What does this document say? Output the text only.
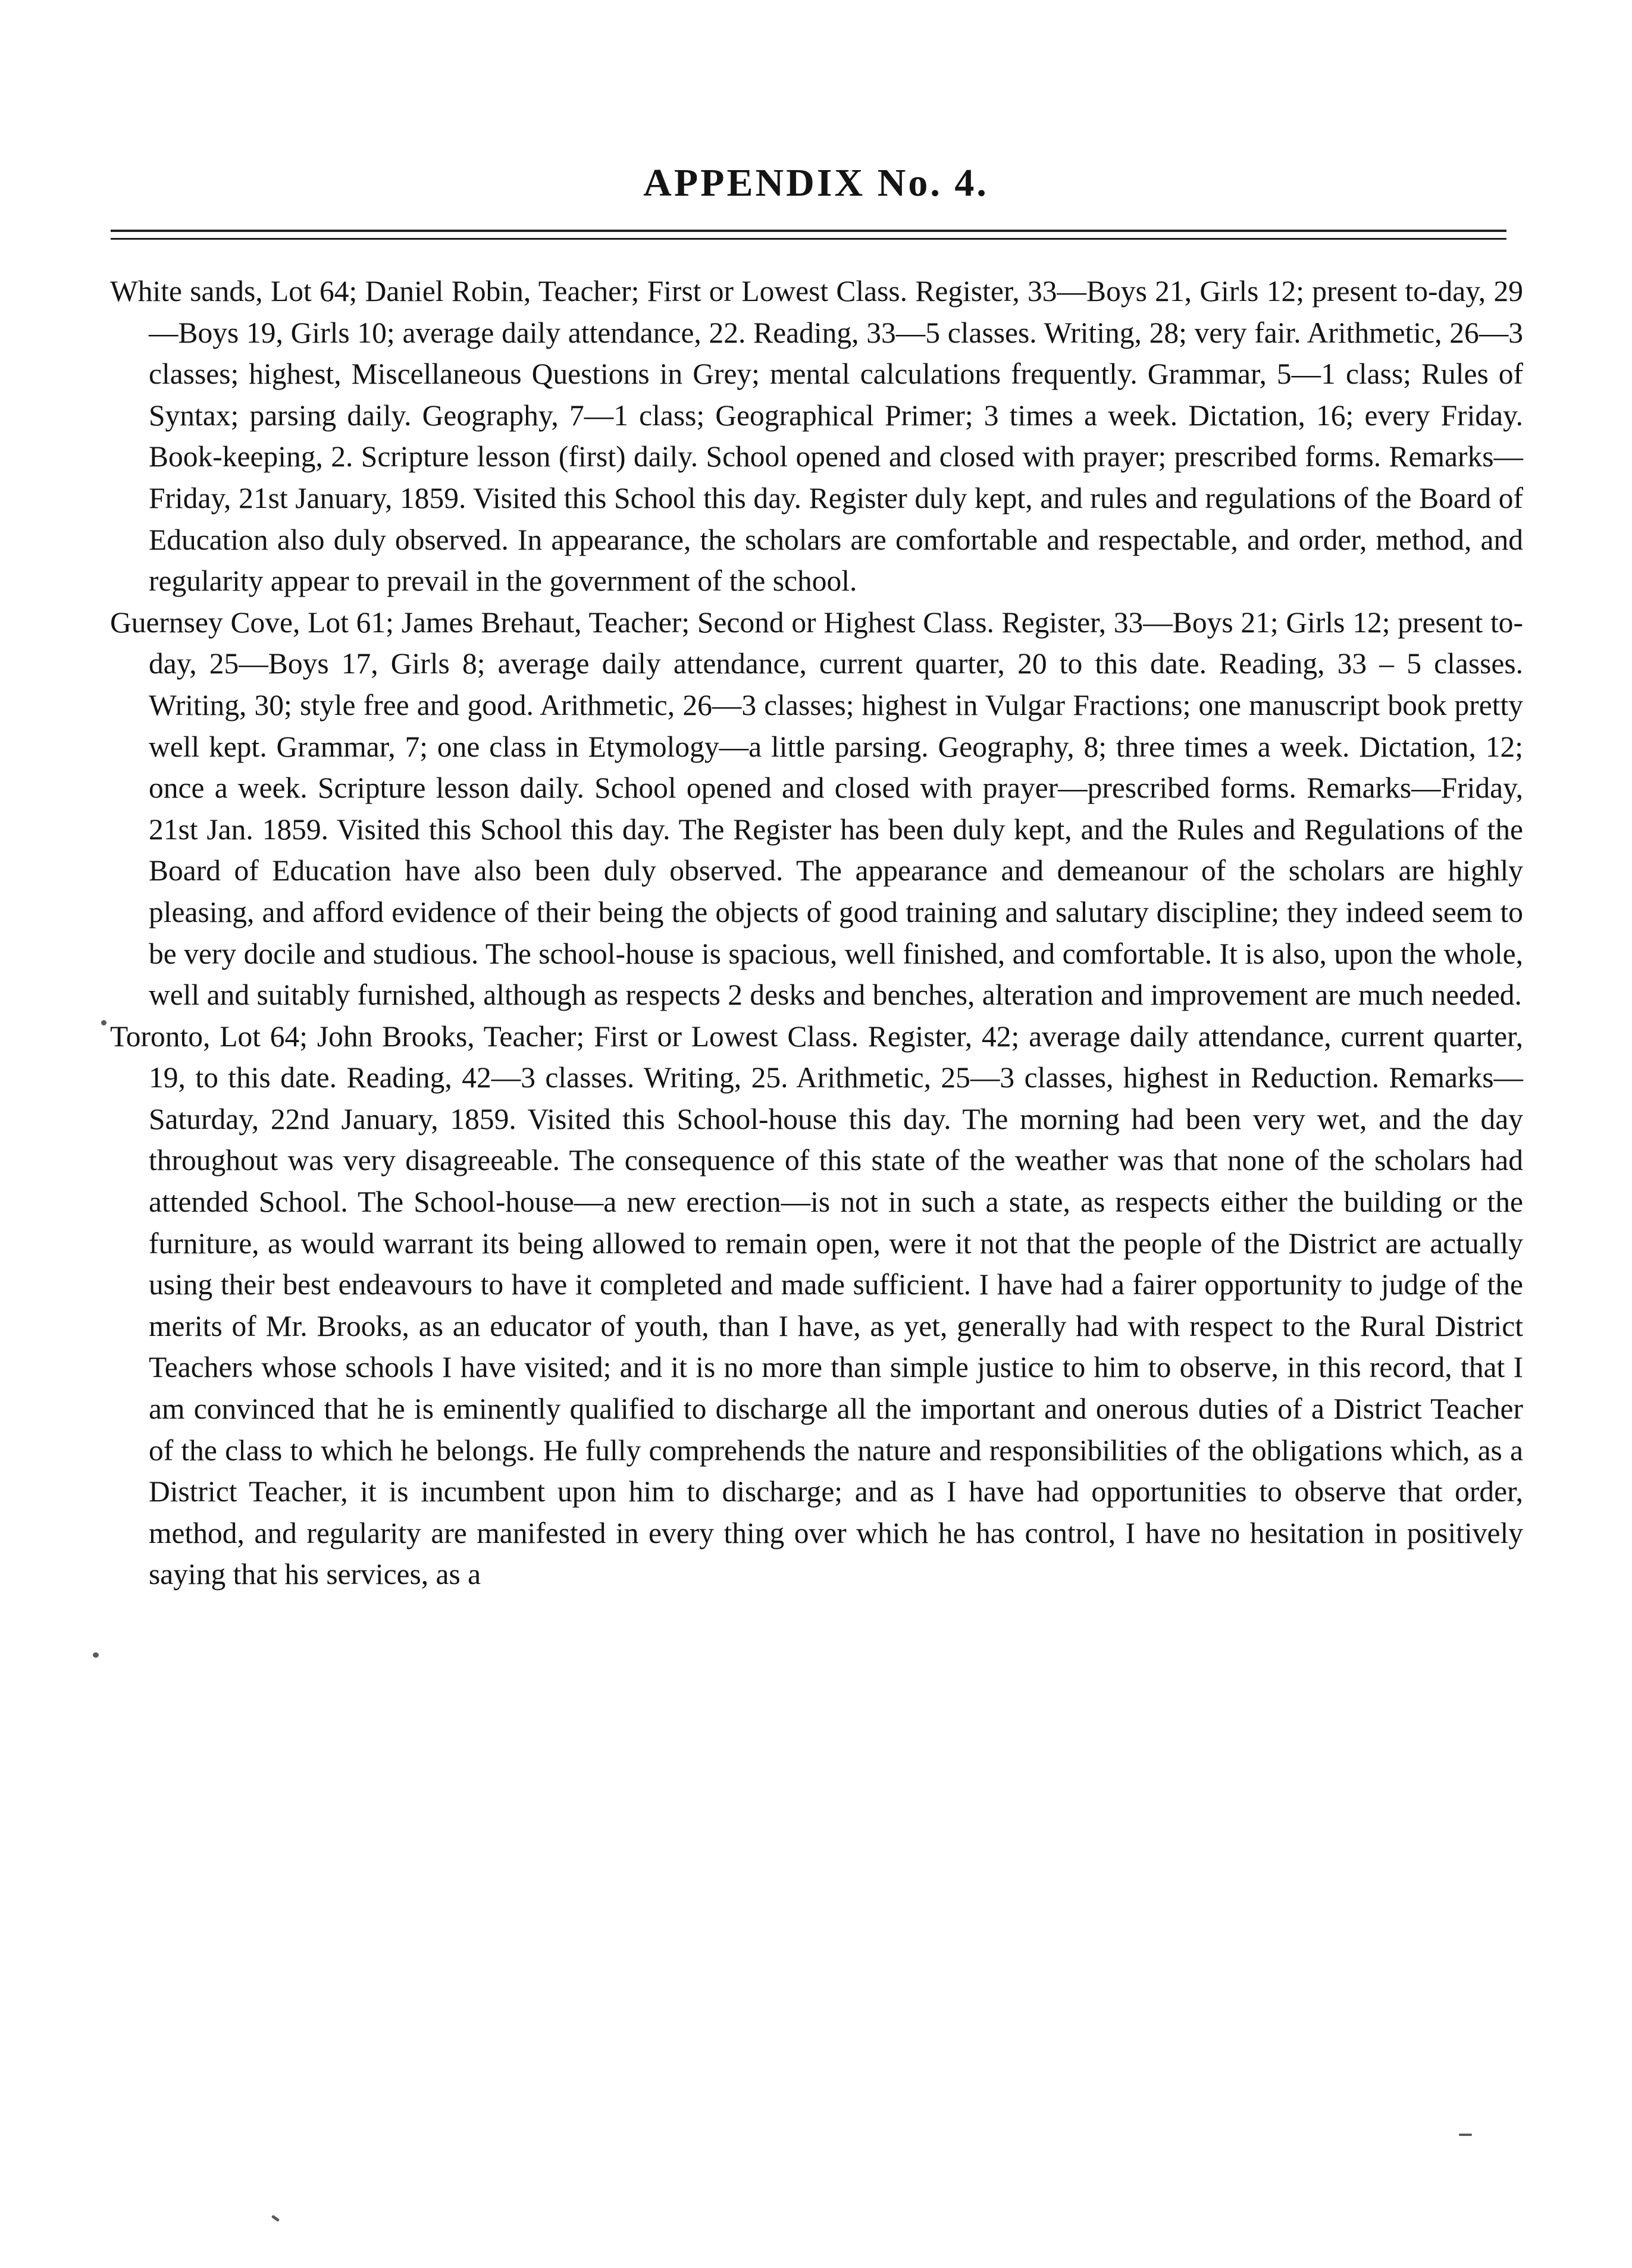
APPENDIX No. 4.

White sands, Lot 64; Daniel Robin, Teacher; First or Lowest Class. Register, 33—Boys 21, Girls 12; present to-day, 29—Boys 19, Girls 10; average daily attendance, 22. Reading, 33—5 classes. Writing, 28; very fair. Arithmetic, 26—3 classes; highest, Miscellaneous Questions in Grey; mental calculations frequently. Grammar, 5—1 class; Rules of Syntax; parsing daily. Geography, 7—1 class; Geographical Primer; 3 times a week. Dictation, 16; every Friday. Book-keeping, 2. Scripture lesson (first) daily. School opened and closed with prayer; prescribed forms. Remarks—Friday, 21st January, 1859. Visited this School this day. Register duly kept, and rules and regulations of the Board of Education also duly observed. In appearance, the scholars are comfortable and respectable, and order, method, and regularity appear to prevail in the government of the school.

Guernsey Cove, Lot 61; James Brehaut, Teacher; Second or Highest Class. Register, 33—Boys 21; Girls 12; present to-day, 25—Boys 17, Girls 8; average daily attendance, current quarter, 20 to this date. Reading, 33 – 5 classes. Writing, 30; style free and good. Arithmetic, 26—3 classes; highest in Vulgar Fractions; one manuscript book pretty well kept. Grammar, 7; one class in Etymology—a little parsing. Geography, 8; three times a week. Dictation, 12; once a week. Scripture lesson daily. School opened and closed with prayer—prescribed forms. Remarks—Friday, 21st Jan. 1859. Visited this School this day. The Register has been duly kept, and the Rules and Regulations of the Board of Education have also been duly observed. The appearance and demeanour of the scholars are highly pleasing, and afford evidence of their being the objects of good training and salutary discipline; they indeed seem to be very docile and studious. The school-house is spacious, well finished, and comfortable. It is also, upon the whole, well and suitably furnished, although as respects 2 desks and benches, alteration and improvement are much needed.

Toronto, Lot 64; John Brooks, Teacher; First or Lowest Class. Register, 42; average daily attendance, current quarter, 19, to this date. Reading, 42—3 classes. Writing, 25. Arithmetic, 25—3 classes, highest in Reduction. Remarks—Saturday, 22nd January, 1859. Visited this School-house this day. The morning had been very wet, and the day throughout was very disagreeable. The consequence of this state of the weather was that none of the scholars had attended School. The School-house—a new erection—is not in such a state, as respects either the building or the furniture, as would warrant its being allowed to remain open, were it not that the people of the District are actually using their best endeavours to have it completed and made sufficient. I have had a fairer opportunity to judge of the merits of Mr. Brooks, as an educator of youth, than I have, as yet, generally had with respect to the Rural District Teachers whose schools I have visited; and it is no more than simple justice to him to observe, in this record, that I am convinced that he is eminently qualified to discharge all the important and onerous duties of a District Teacher of the class to which he belongs. He fully comprehends the nature and responsibilities of the obligations which, as a District Teacher, it is incumbent upon him to discharge; and as I have had opportunities to observe that order, method, and regularity are manifested in every thing over which he has control, I have no hesitation in positively saying that his services, as a
